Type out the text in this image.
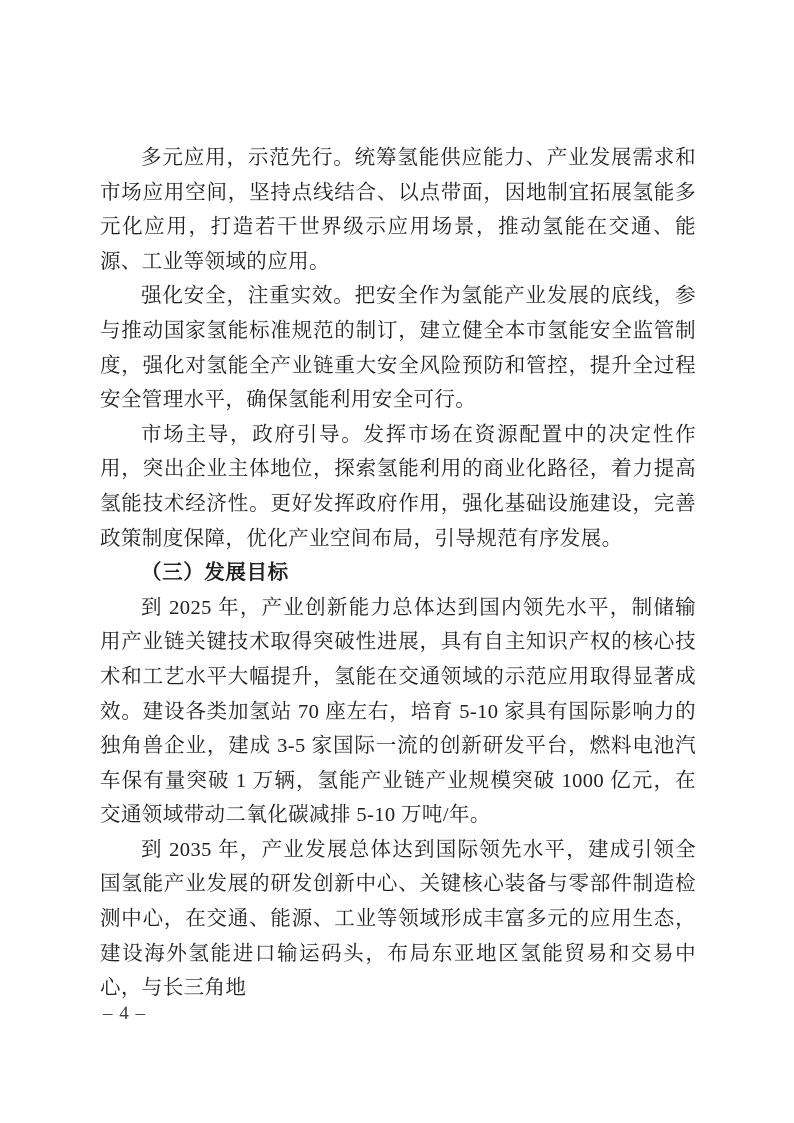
多元应用，示范先行。统筹氢能供应能力、产业发展需求和市场应用空间，坚持点线结合、以点带面，因地制宜拓展氢能多元化应用，打造若干世界级示应用场景，推动氢能在交通、能源、工业等领域的应用。

强化安全，注重实效。把安全作为氢能产业发展的底线，参与推动国家氢能标准规范的制订，建立健全本市氢能安全监管制度，强化对氢能全产业链重大安全风险预防和管控，提升全过程安全管理水平，确保氢能利用安全可行。

市场主导，政府引导。发挥市场在资源配置中的决定性作用，突出企业主体地位，探索氢能利用的商业化路径，着力提高氢能技术经济性。更好发挥政府作用，强化基础设施建设，完善政策制度保障，优化产业空间布局，引导规范有序发展。

（三）发展目标

到 2025 年，产业创新能力总体达到国内领先水平，制储输用产业链关键技术取得突破性进展，具有自主知识产权的核心技术和工艺水平大幅提升，氢能在交通领域的示范应用取得显著成效。建设各类加氢站 70 座左右，培育 5-10 家具有国际影响力的独角兽企业，建成 3-5 家国际一流的创新研发平台，燃料电池汽车保有量突破 1 万辆，氢能产业链产业规模突破 1000 亿元，在交通领域带动二氧化碳减排 5-10 万吨/年。

到 2035 年，产业发展总体达到国际领先水平，建成引领全国氢能产业发展的研发创新中心、关键核心装备与零部件制造检测中心，在交通、能源、工业等领域形成丰富多元的应用生态，建设海外氢能进口输运码头，布局东亚地区氢能贸易和交易中心，与长三角地

– 4 –
